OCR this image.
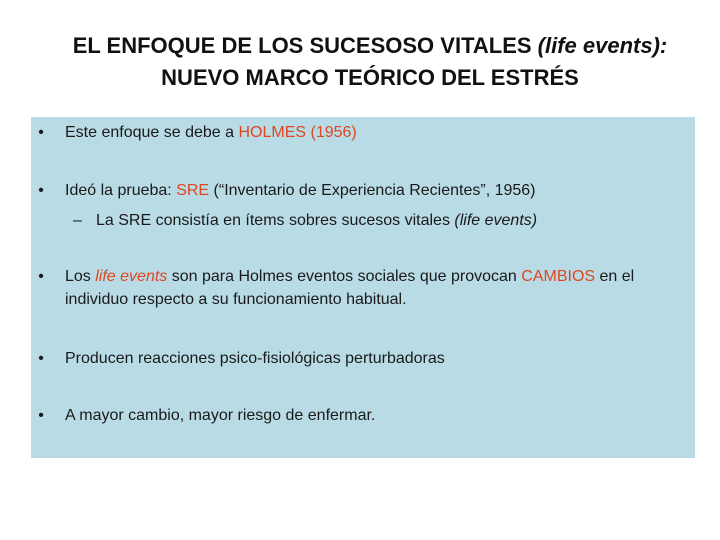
EL ENFOQUE DE LOS SUCESOSO VITALES (life events):
NUEVO MARCO TEÓRICO DEL ESTRÉS
• Este enfoque se debe a HOLMES (1956)
• Ideó la prueba: SRE (“Inventario de Experiencia Recientes”, 1956)
– La SRE consistía en ítems sobres sucesos vitales (life events)
• Los life events son para Holmes eventos sociales que provocan CAMBIOS en el individuo respecto a su funcionamiento habitual.
• Producen reacciones psico-fisiológicas perturbadoras
• A mayor cambio, mayor riesgo de enfermar.
